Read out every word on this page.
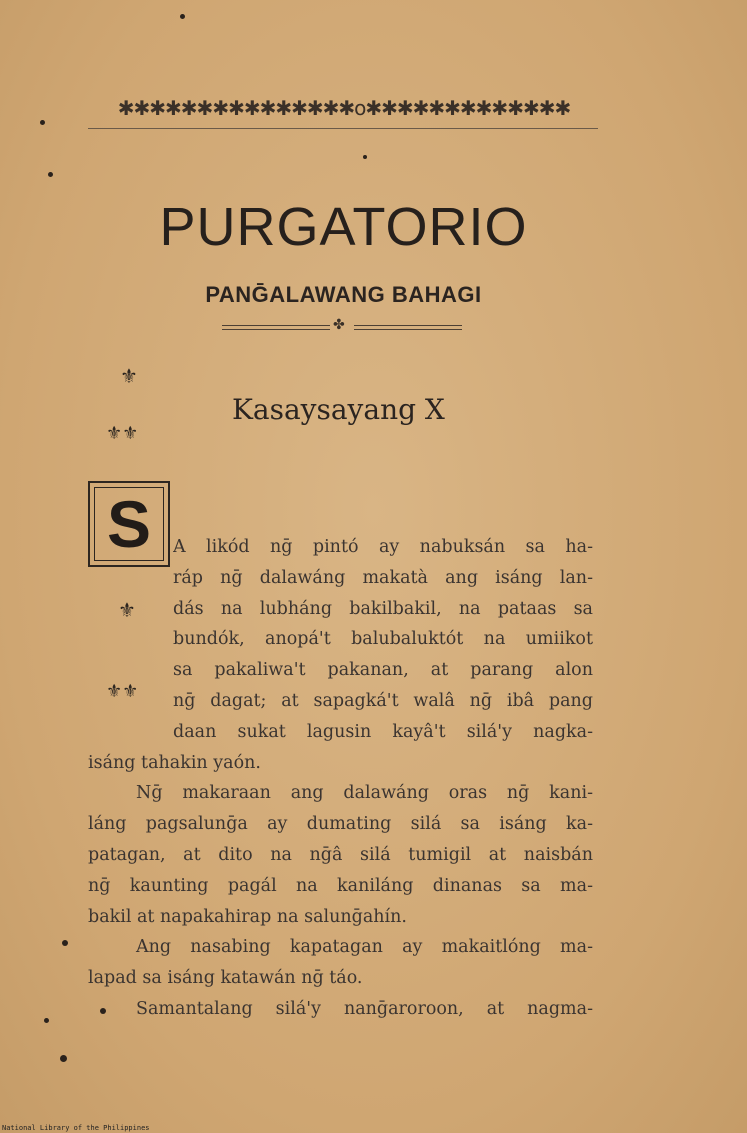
✱✱✱✱✱✱✱✱✱✱✱✱✱✱✱o✱✱✱✱✱✱✱✱✱✱✱✱✱
PURGATORIO
PANḠALAWANG BAHAGI
✤
Kasaysayang X
⚜
⚜⚜
⚜
⚜⚜
S	A likód nḡ pintó ay nabuksán sa ha-
ráp nḡ dalawáng makatà ang isáng lan-
dás na lubháng bakilbakil, na pataas sa
bundók, anopá't balubaluktót na umiikot
sa pakaliwa't pakanan, at parang alon
nḡ dagat; at sapagká't walâ nḡ ibâ pang
daan sukat lagusin kayâ't silá'y nagka-
isáng tahakin yaón.
Nḡ makaraan ang dalawáng oras nḡ kani-
láng pagsalunḡa ay dumating silá sa isáng ka-
patagan, at dito na nḡâ silá tumigil at naisbán
nḡ kaunting pagál na kaniláng dinanas sa ma-
bakil at napakahirap na salunḡahín.
Ang nasabing kapatagan ay makaitlóng ma-
lapad sa isáng katawán nḡ táo.
Samantalang silá'y nanḡaroroon, at nagma-
National Library of the Philippines
